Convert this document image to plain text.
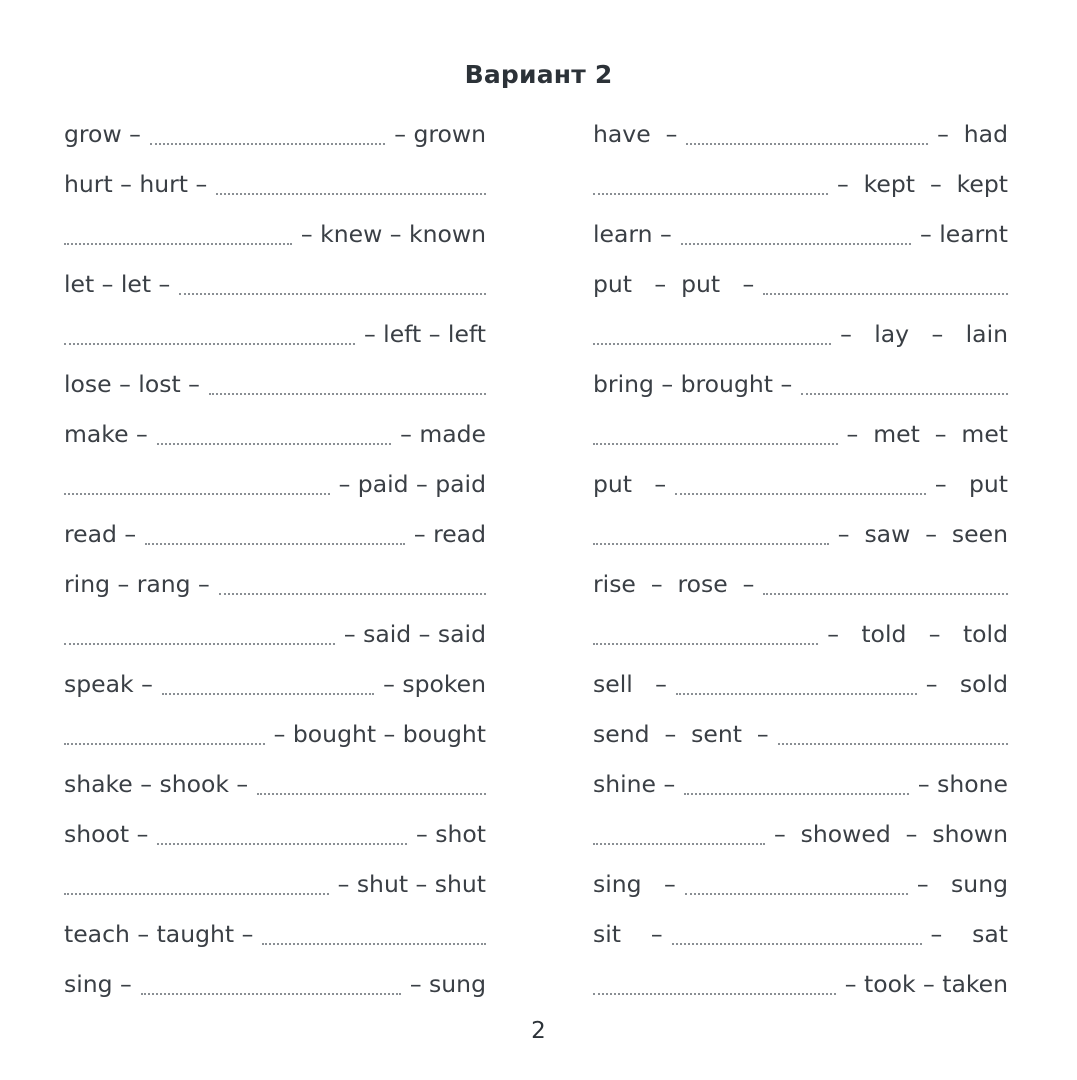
Вариант 2
grow –	– grown
hurt – hurt –
– knew – known
let – let –
– left – left
lose – lost –
make –	– made
– paid – paid
read –	– read
ring – rang –
– said – said
speak –	– spoken
– bought – bought
shake – shook –
shoot –	– shot
– shut – shut
teach – taught –
sing –	– sung
have  –	–  had
–  kept  –  kept
learn –	– learnt
put   –  put   –
–   lay   –   lain
bring – brought –
–  met  –  met
put   –	–   put
–  saw  –  seen
rise  –  rose  –
–   told   –   told
sell   –	–   sold
send  –  sent  –
shine –	– shone
–  showed  –  shown
sing   –	–   sung
sit    –	–    sat
– took – taken
2
